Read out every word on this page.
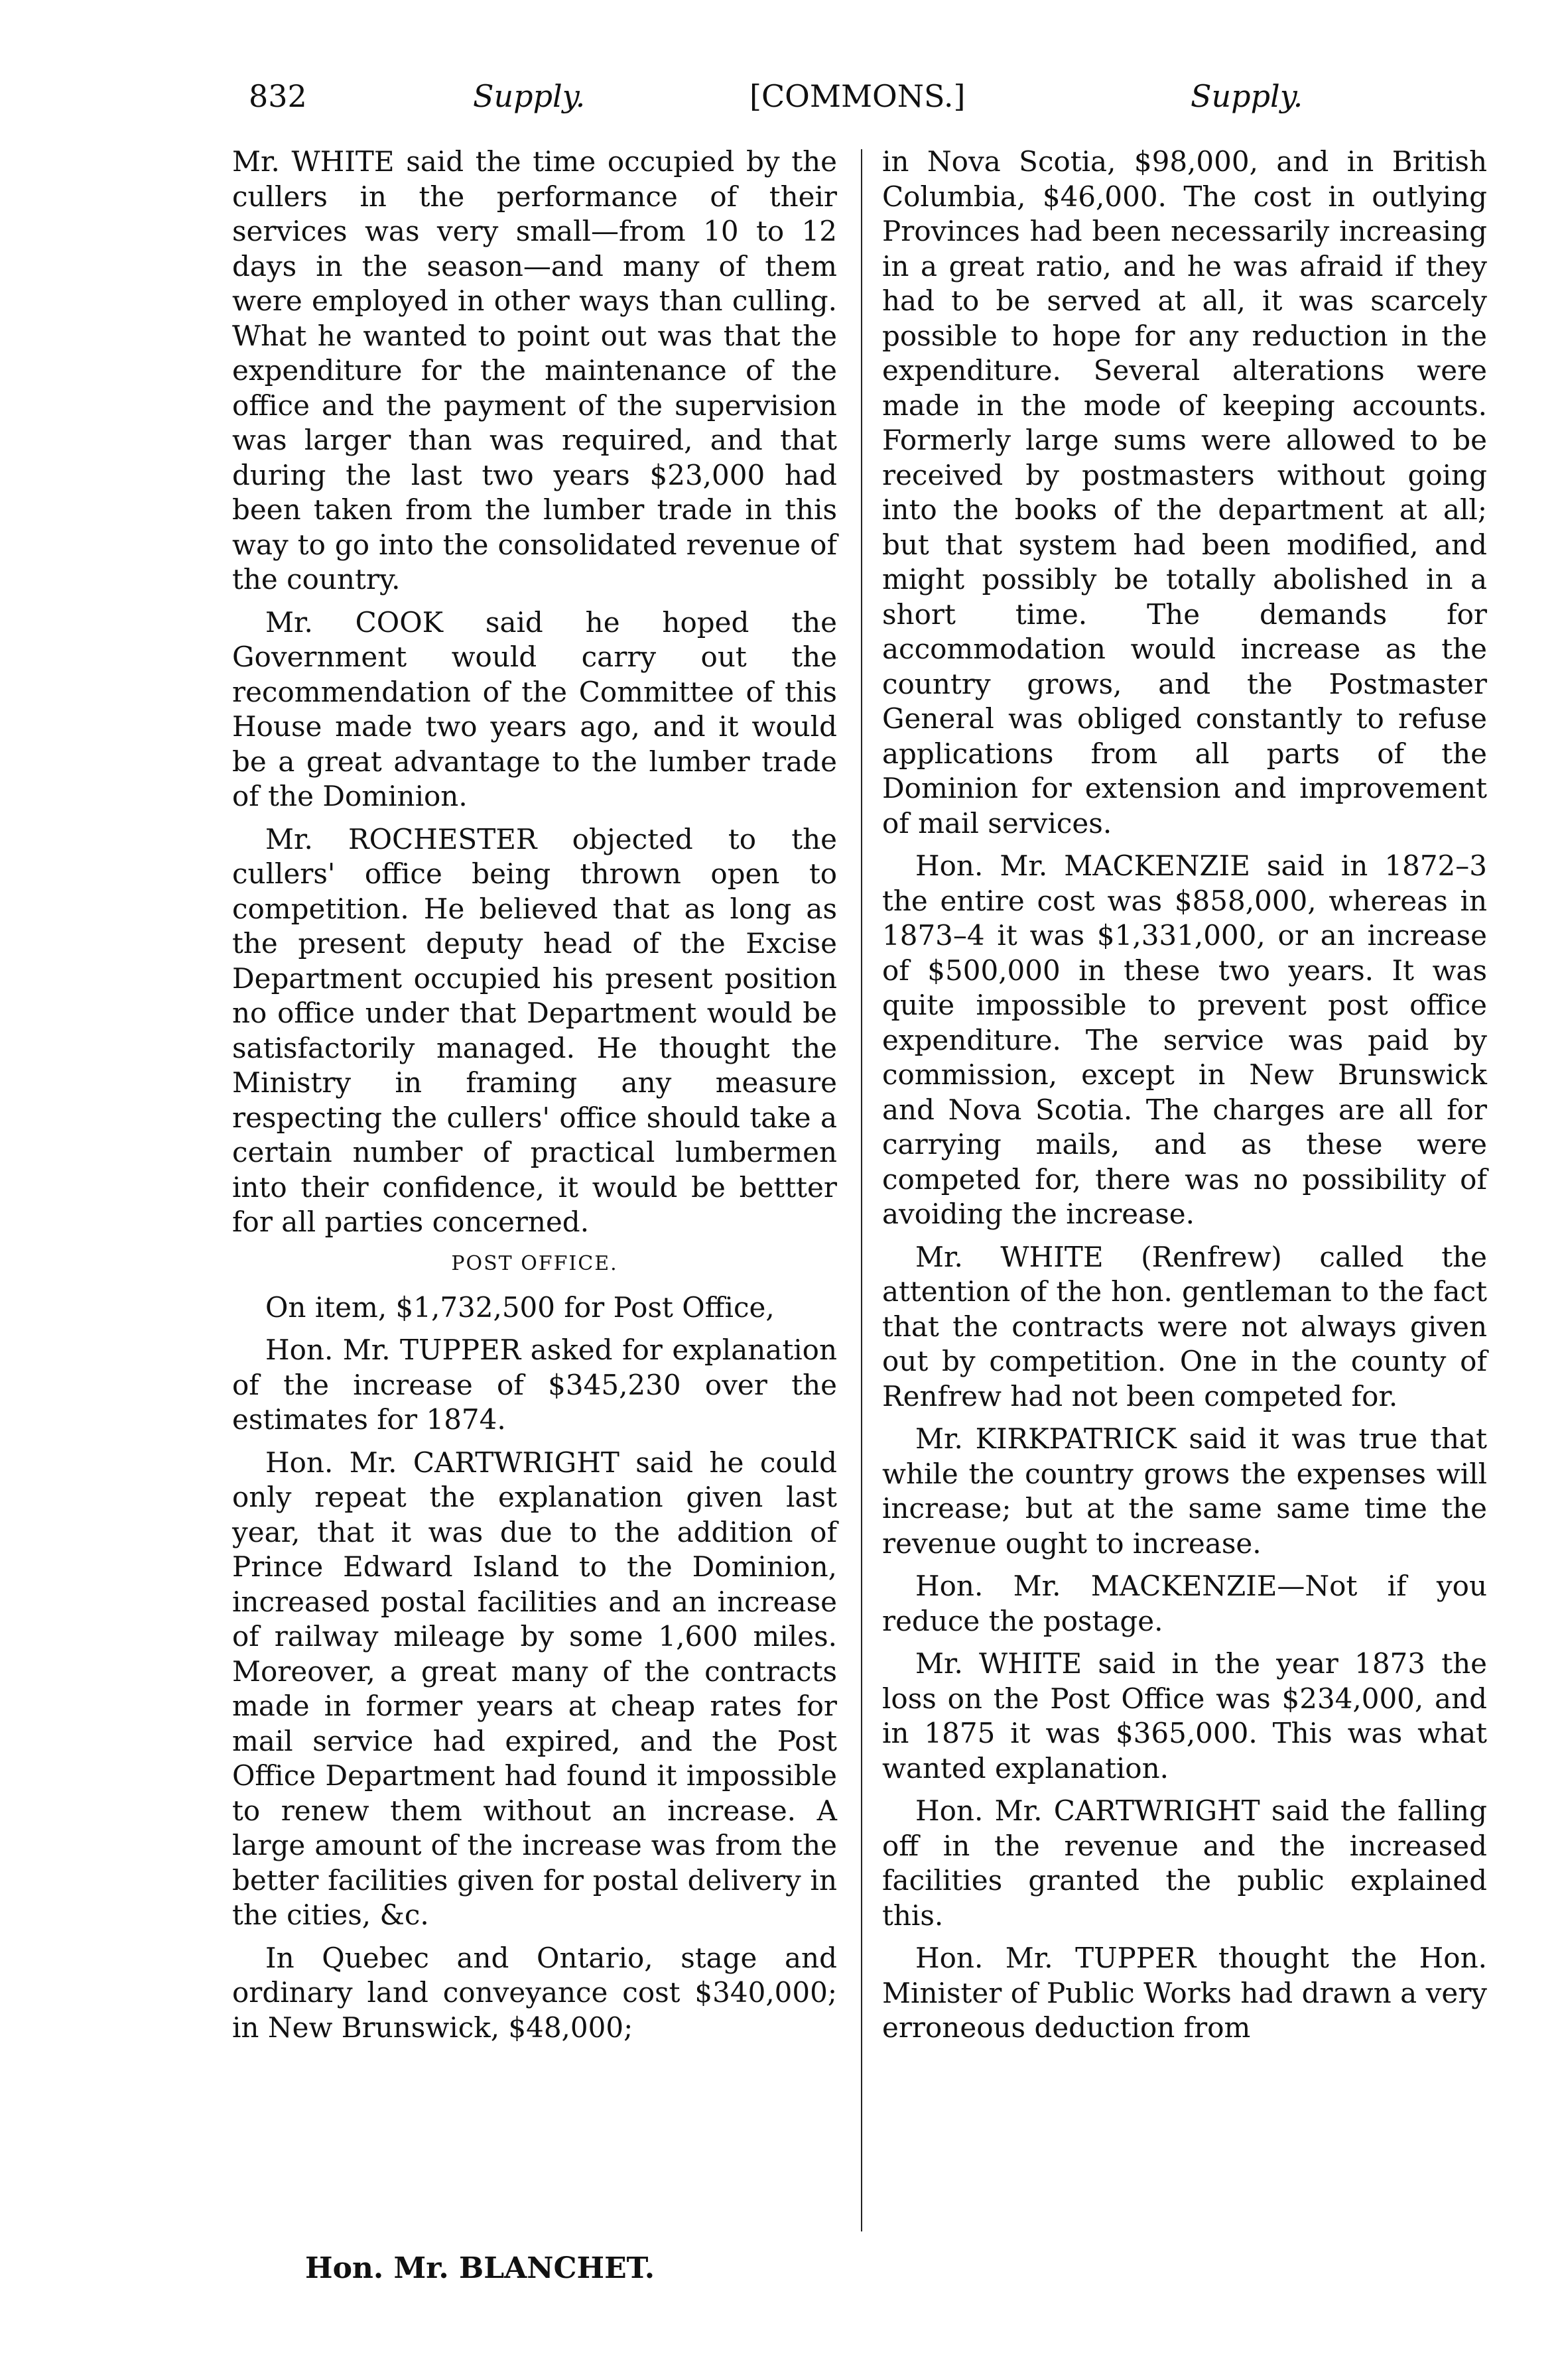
832	Supply.	[COMMONS.]	Supply.

Mr. WHITE said the time occupied by the cullers in the performance of their services was very small—from 10 to 12 days in the season—and many of them were employed in other ways than culling. What he wanted to point out was that the expenditure for the maintenance of the office and the payment of the supervision was larger than was required, and that during the last two years $23,000 had been taken from the lumber trade in this way to go into the consolidated revenue of the country.

Mr. COOK said he hoped the Government would carry out the recommendation of the Committee of this House made two years ago, and it would be a great advantage to the lumber trade of the Dominion.

Mr. ROCHESTER objected to the cullers' office being thrown open to competition. He believed that as long as the present deputy head of the Excise Department occupied his present position no office under that Department would be satisfactorily managed. He thought the Ministry in framing any measure respecting the cullers' office should take a certain number of practical lumbermen into their confidence, it would be bettter for all parties concerned.

POST OFFICE.

On item, $1,732,500 for Post Office,

Hon. Mr. TUPPER asked for explanation of the increase of $345,230 over the estimates for 1874.

Hon. Mr. CARTWRIGHT said he could only repeat the explanation given last year, that it was due to the addition of Prince Edward Island to the Dominion, increased postal facilities and an increase of railway mileage by some 1,600 miles. Moreover, a great many of the contracts made in former years at cheap rates for mail service had expired, and the Post Office Department had found it impossible to renew them without an increase. A large amount of the increase was from the better facilities given for postal delivery in the cities, &c.

In Quebec and Ontario, stage and ordinary land conveyance cost $340,000; in New Brunswick, $48,000;

in Nova Scotia, $98,000, and in British Columbia, $46,000. The cost in outlying Provinces had been necessarily increasing in a great ratio, and he was afraid if they had to be served at all, it was scarcely possible to hope for any reduction in the expenditure. Several alterations were made in the mode of keeping accounts. Formerly large sums were allowed to be received by postmasters without going into the books of the department at all; but that system had been modified, and might possibly be totally abolished in a short time. The demands for accommodation would increase as the country grows, and the Postmaster General was obliged constantly to refuse applications from all parts of the Dominion for extension and improvement of mail services.

Hon. Mr. MACKENZIE said in 1872–3 the entire cost was $858,000, whereas in 1873–4 it was $1,331,000, or an increase of $500,000 in these two years. It was quite impossible to prevent post office expenditure. The service was paid by commission, except in New Brunswick and Nova Scotia. The charges are all for carrying mails, and as these were competed for, there was no possibility of avoiding the increase.

Mr. WHITE (Renfrew) called the attention of the hon. gentleman to the fact that the contracts were not always given out by competition. One in the county of Renfrew had not been competed for.

Mr. KIRKPATRICK said it was true that while the country grows the expenses will increase; but at the same same time the revenue ought to increase.

Hon. Mr. MACKENZIE—Not if you reduce the postage.

Mr. WHITE said in the year 1873 the loss on the Post Office was $234,000, and in 1875 it was $365,000. This was what wanted explanation.

Hon. Mr. CARTWRIGHT said the falling off in the revenue and the increased facilities granted the public explained this.

Hon. Mr. TUPPER thought the Hon. Minister of Public Works had drawn a very erroneous deduction from

Hon. Mr. BLANCHET.
